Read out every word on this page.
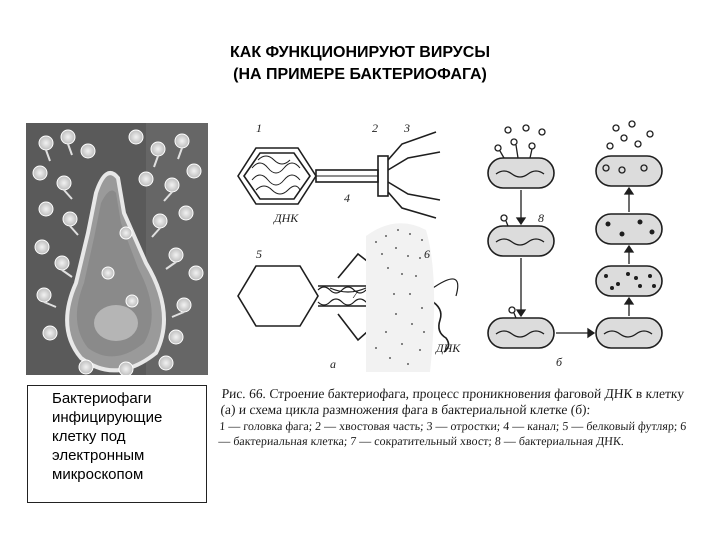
КАК ФУНКЦИОНИРУЮТ ВИРУСЫ
(НА ПРИМЕРЕ БАКТЕРИОФАГА)
Бактериофаги инфицирующие клетку под электронным микроскопом
1	2 3
4
ДНК
5	6
7
ДНК
а
8
б

Рис. 66. Строение бактериофага, процесс проникновения фаговой ДНК в клетку (а) и схема цикла размножения фага в бактериальной клетке (б):

1 — головка фага; 2 — хвостовая часть; 3 — отростки; 4 — канал; 5 — белковый футляр; 6 — бактериальная клетка; 7 — сократительный хвост; 8 — бактериальная ДНК.
